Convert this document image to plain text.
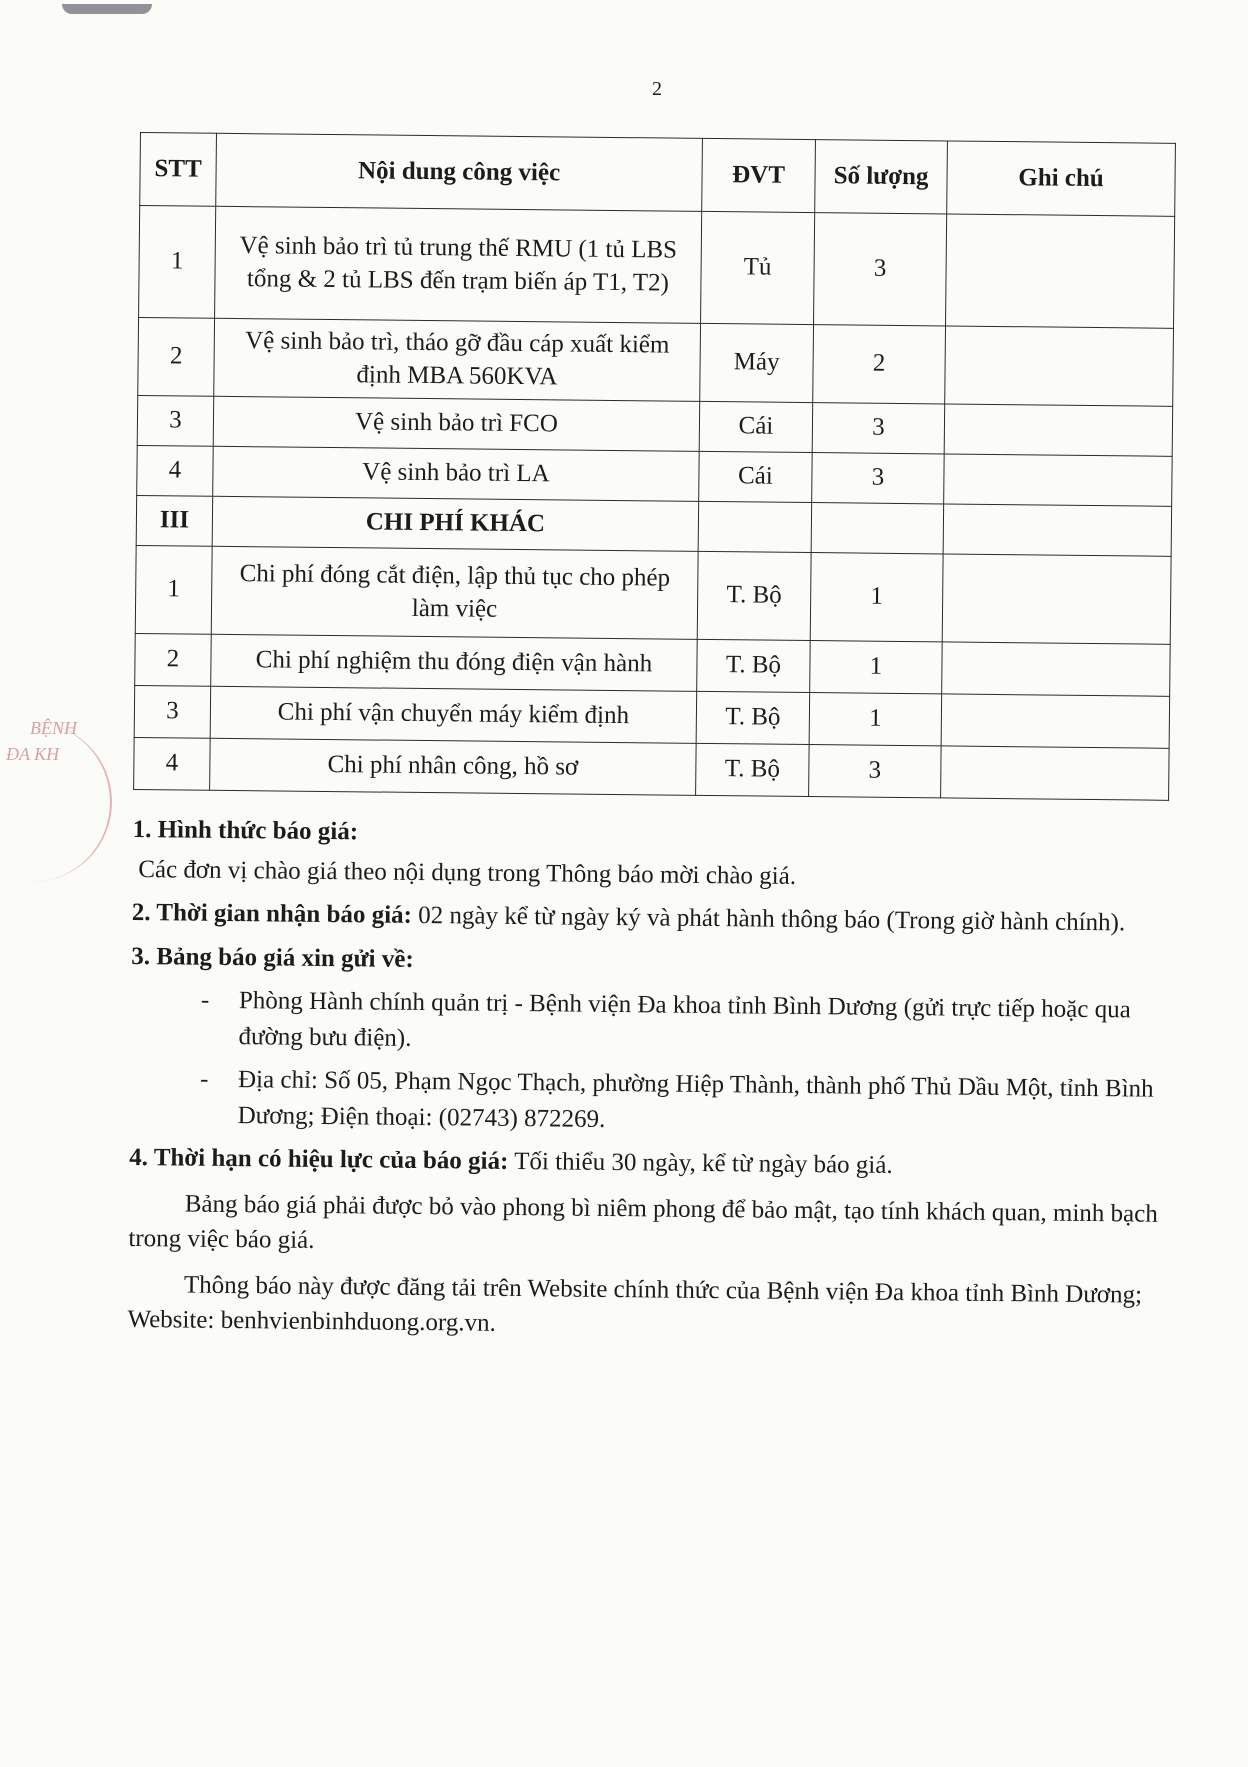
2
BỆNH
ĐA KH
STT	Nội dung công việc	ĐVT	Số lượng	Ghi chú
1	Vệ sinh bảo trì tủ trung thế RMU (1 tủ LBS tổng & 2 tủ LBS đến trạm biến áp T1, T2)	Tủ	3	
2	Vệ sinh bảo trì, tháo gỡ đầu cáp xuất kiểm định MBA 560KVA	Máy	2	
3	Vệ sinh bảo trì FCO	Cái	3	
4	Vệ sinh bảo trì LA	Cái	3	
III	CHI PHÍ KHÁC			
1	Chi phí đóng cắt điện, lập thủ tục cho phép làm việc	T. Bộ	1	
2	Chi phí nghiệm thu đóng điện vận hành	T. Bộ	1	
3	Chi phí vận chuyển máy kiểm định	T. Bộ	1	
4	Chi phí nhân công, hồ sơ	T. Bộ	3	

1. Hình thức báo giá:

Các đơn vị chào giá theo nội dụng trong Thông báo mời chào giá.

2. Thời gian nhận báo giá: 02 ngày kể từ ngày ký và phát hành thông báo (Trong giờ hành chính).

3. Bảng báo giá xin gửi về:

- Phòng Hành chính quản trị - Bệnh viện Đa khoa tỉnh Bình Dương (gửi trực tiếp hoặc qua đường bưu điện).
- Địa chỉ: Số 05, Phạm Ngọc Thạch, phường Hiệp Thành, thành phố Thủ Dầu Một, tỉnh Bình Dương; Điện thoại: (02743) 872269.

4. Thời hạn có hiệu lực của báo giá: Tối thiểu 30 ngày, kể từ ngày báo giá.

Bảng báo giá phải được bỏ vào phong bì niêm phong để bảo mật, tạo tính khách quan, minh bạch trong việc báo giá.

Thông báo này được đăng tải trên Website chính thức của Bệnh viện Đa khoa tỉnh Bình Dương; Website: benhvienbinhduong.org.vn.
